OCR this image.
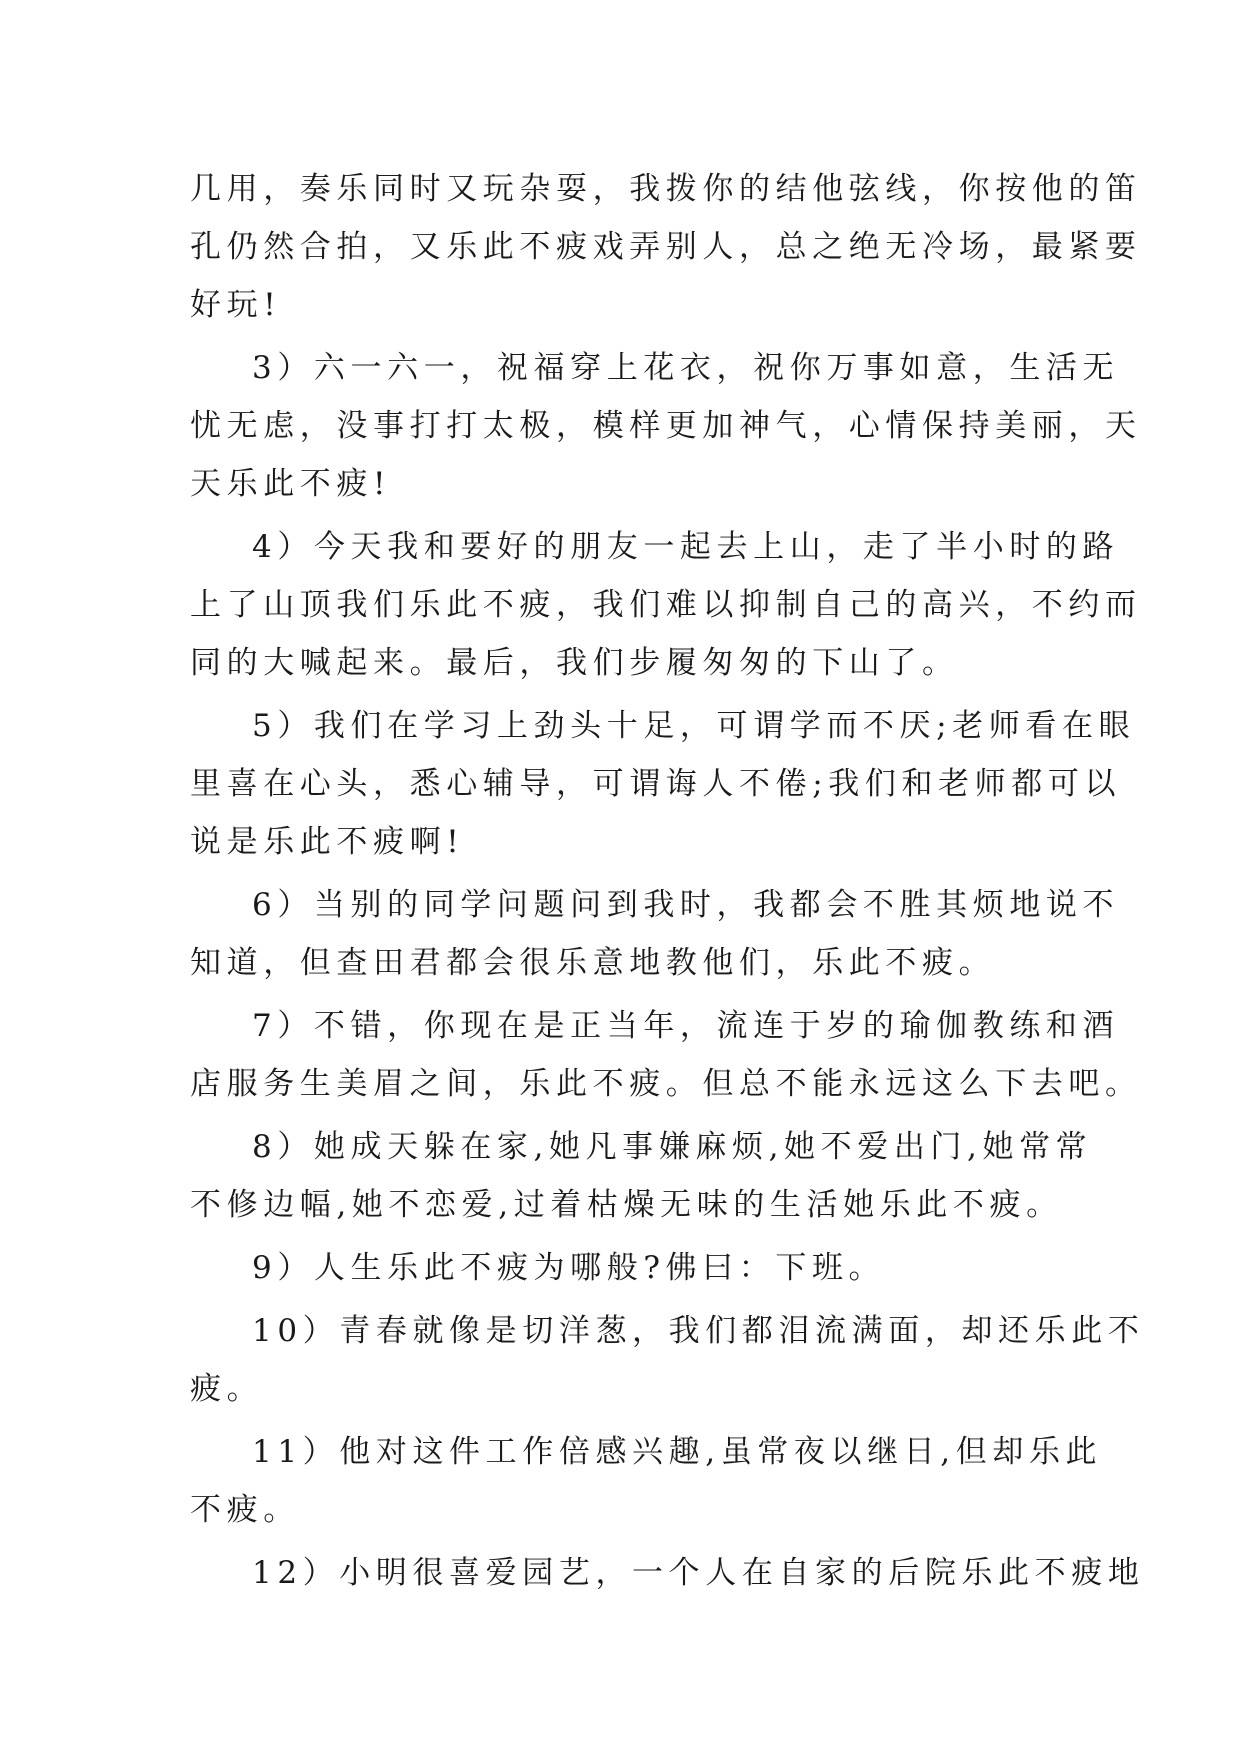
几用，奏乐同时又玩杂耍，我拨你的结他弦线，你按他的笛
孔仍然合拍，又乐此不疲戏弄别人，总之绝无冷场，最紧要
好玩!
3）六一六一，祝福穿上花衣，祝你万事如意，生活无
忧无虑，没事打打太极，模样更加神气，心情保持美丽，天
天乐此不疲!
4）今天我和要好的朋友一起去上山，走了半小时的路
上了山顶我们乐此不疲，我们难以抑制自己的高兴，不约而
同的大喊起来。最后，我们步履匆匆的下山了。
5）我们在学习上劲头十足，可谓学而不厌;老师看在眼
里喜在心头，悉心辅导，可谓诲人不倦;我们和老师都可以
说是乐此不疲啊!
6）当别的同学问题问到我时，我都会不胜其烦地说不
知道，但查田君都会很乐意地教他们，乐此不疲。
7）不错，你现在是正当年，流连于岁的瑜伽教练和酒
店服务生美眉之间，乐此不疲。但总不能永远这么下去吧。
8）她成天躲在家,她凡事嫌麻烦,她不爱出门,她常常
不修边幅,她不恋爱,过着枯燥无味的生活她乐此不疲。
9）人生乐此不疲为哪般?佛曰：下班。
10）青春就像是切洋葱，我们都泪流满面，却还乐此不
疲。
11）他对这件工作倍感兴趣,虽常夜以继日,但却乐此
不疲。
12）小明很喜爱园艺，一个人在自家的后院乐此不疲地
